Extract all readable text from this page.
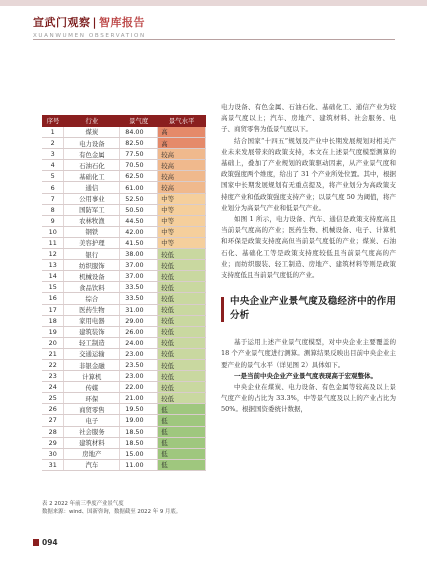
宣武门观察 | 智库报告
XUANWUMEN OBSERVATION
序号	行业	景气度	景气水平
1	煤炭	84.00	高
2	电力设备	82.50	高
3	有色金属	77.50	较高
4	石油石化	70.50	较高
5	基础化工	62.50	较高
6	通信	61.00	较高
7	公用事业	52.50	中等
8	国防军工	50.50	中等
9	农林牧渔	44.50	中等
10	钢铁	42.00	中等
11	美容护理	41.50	中等
12	银行	38.00	较低
13	纺织服饰	37.00	较低
14	机械设备	37.00	较低
15	食品饮料	33.50	较低
16	综合	33.50	较低
17	医药生物	31.00	较低
18	家用电器	29.00	较低
19	建筑装饰	26.00	较低
20	轻工制造	24.00	较低
21	交通运输	23.00	较低
22	非银金融	23.50	较低
23	计算机	23.00	较低
24	传媒	22.00	较低
25	环保	21.00	较低
26	商贸零售	19.50	低
27	电子	19.00	低
28	社会服务	18.50	低
29	建筑材料	18.50	低
30	房地产	15.00	低
31	汽车	11.00	低
表 2 2022 年前三季度产业景气度
数据来源：wind、国新咨询，数据截至 2022 年 9 月底。
094

电力设备、有色金属、石油石化、基础化工、通信产业为较高景气度以上；汽车、房地产、建筑材料、社会服务、电子、商贸零售为低景气度以下。

结合国家“十四五”规划及产业中长期发展规划对相关产业未来发展带来的政策支持，本文在上述景气度模型测算的基础上，叠加了产业规划的政策驱动因素，从产业景气度和政策强度两个维度，给出了 31 个产业所处位置。其中，根据国家中长期发展规划有无重点提及，将产业划分为高政策支持度产业和低政策强度支持产业；以景气度 50 为阈值，将产业划分为高景气产业和低景气产业。

如图 1 所示，电力设备、汽车、通信是政策支持度高且当前景气度高的产业；医药生物、机械设备、电子、计算机和环保是政策支持度高但当前景气度低的产业；煤炭、石油石化、基础化工等是政策支持度较低且当前景气度高的产业；而纺织服装、轻工制造、房地产、建筑材料等则是政策支持度低且当前景气度低的产业。

中央企业产业景气度及稳经济中的作用分析

基于运用上述产业景气度模型，对中央企业主要覆盖的 18 个产业景气度进行测算。测算结果反映出目前中央企业主要产业的景气水平（详见图 2）具体如下。

一是当前中央企业产业景气度表现高于宏观整体。

中央企业在煤炭、电力设备、有色金属等较高及以上景气度产业的占比为 33.3%，中等景气度及以上的产业占比为 50%。根据国资委统计数据，
